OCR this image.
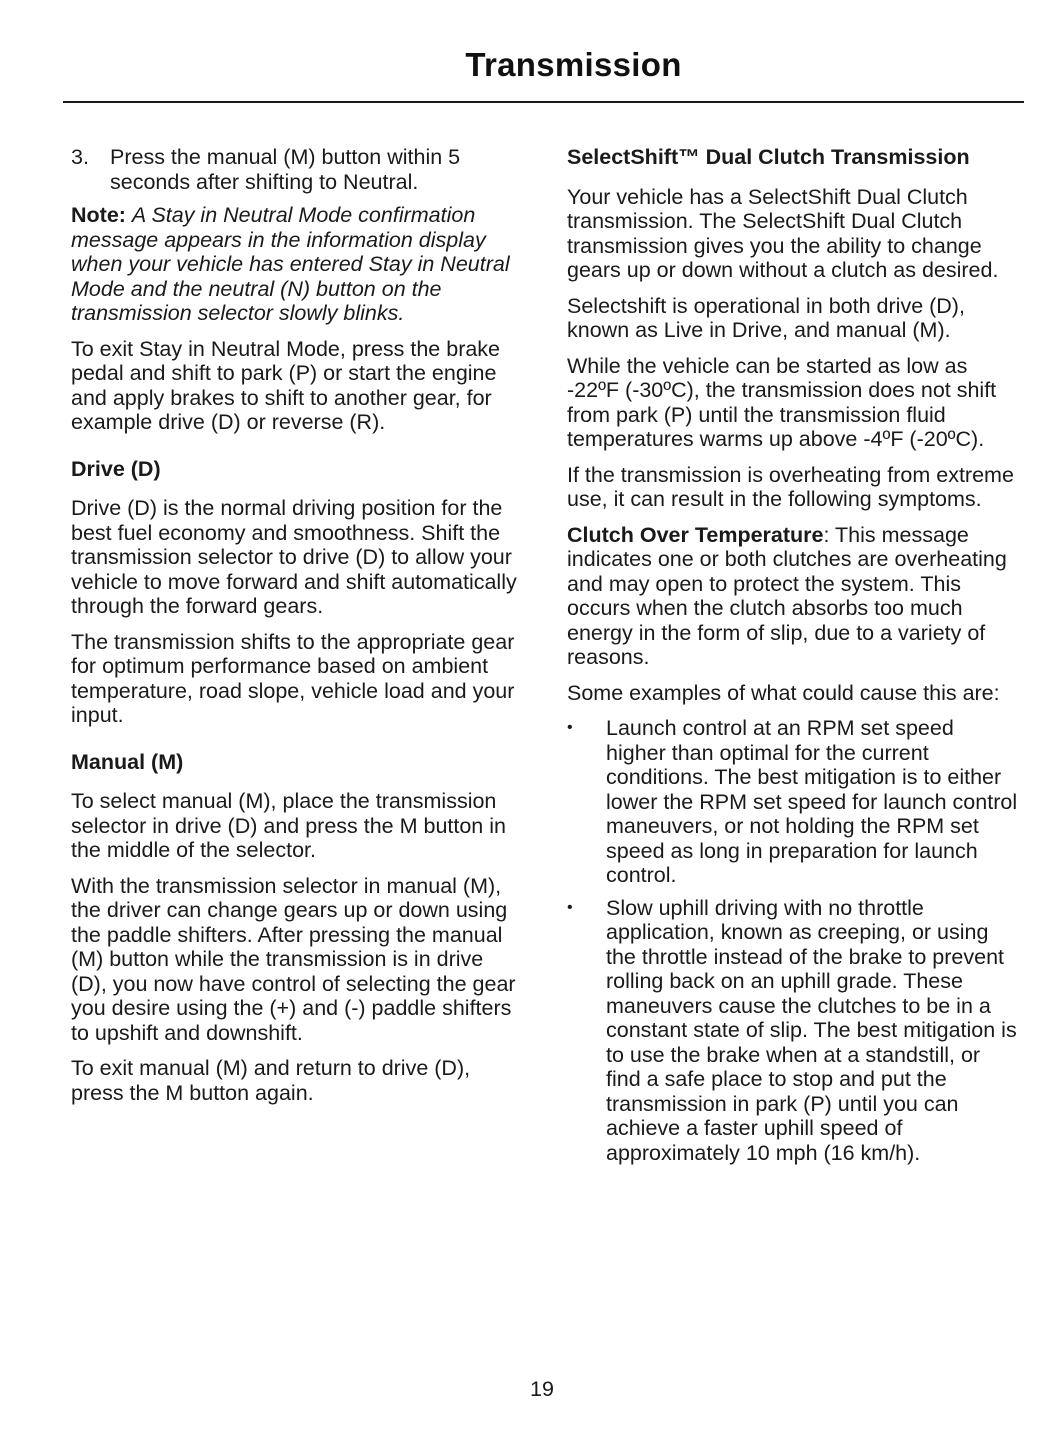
Transmission
3. Press the manual (M) button within 5 seconds after shifting to Neutral.

Note: A Stay in Neutral Mode confirmation message appears in the information display when your vehicle has entered Stay in Neutral Mode and the neutral (N) button on the transmission selector slowly blinks.

To exit Stay in Neutral Mode, press the brake pedal and shift to park (P) or start the engine and apply brakes to shift to another gear, for example drive (D) or reverse (R).

Drive (D)

Drive (D) is the normal driving position for the best fuel economy and smoothness. Shift the transmission selector to drive (D) to allow your vehicle to move forward and shift automatically through the forward gears.

The transmission shifts to the appropriate gear for optimum performance based on ambient temperature, road slope, vehicle load and your input.

Manual (M)

To select manual (M), place the transmission selector in drive (D) and press the M button in the middle of the selector.

With the transmission selector in manual (M), the driver can change gears up or down using the paddle shifters. After pressing the manual (M) button while the transmission is in drive (D), you now have control of selecting the gear you desire using the (+) and (-) paddle shifters to upshift and downshift.

To exit manual (M) and return to drive (D), press the M button again.

SelectShift™ Dual Clutch Transmission

Your vehicle has a SelectShift Dual Clutch transmission. The SelectShift Dual Clutch transmission gives you the ability to change gears up or down without a clutch as desired.

Selectshift is operational in both drive (D), known as Live in Drive, and manual (M).

While the vehicle can be started as low as -22ºF (-30ºC), the transmission does not shift from park (P) until the transmission fluid temperatures warms up above -4ºF (-20ºC).

If the transmission is overheating from extreme use, it can result in the following symptoms.

Clutch Over Temperature: This message indicates one or both clutches are overheating and may open to protect the system. This occurs when the clutch absorbs too much energy in the form of slip, due to a variety of reasons.

Some examples of what could cause this are:

•	Launch control at an RPM set speed higher than optimal for the current conditions. The best mitigation is to either lower the RPM set speed for launch control maneuvers, or not holding the RPM set speed as long in preparation for launch control.
•	Slow uphill driving with no throttle application, known as creeping, or using the throttle instead of the brake to prevent rolling back on an uphill grade. These maneuvers cause the clutches to be in a constant state of slip. The best mitigation is to use the brake when at a standstill, or find a safe place to stop and put the transmission in park (P) until you can achieve a faster uphill speed of approximately 10 mph (16 km/h).
19
